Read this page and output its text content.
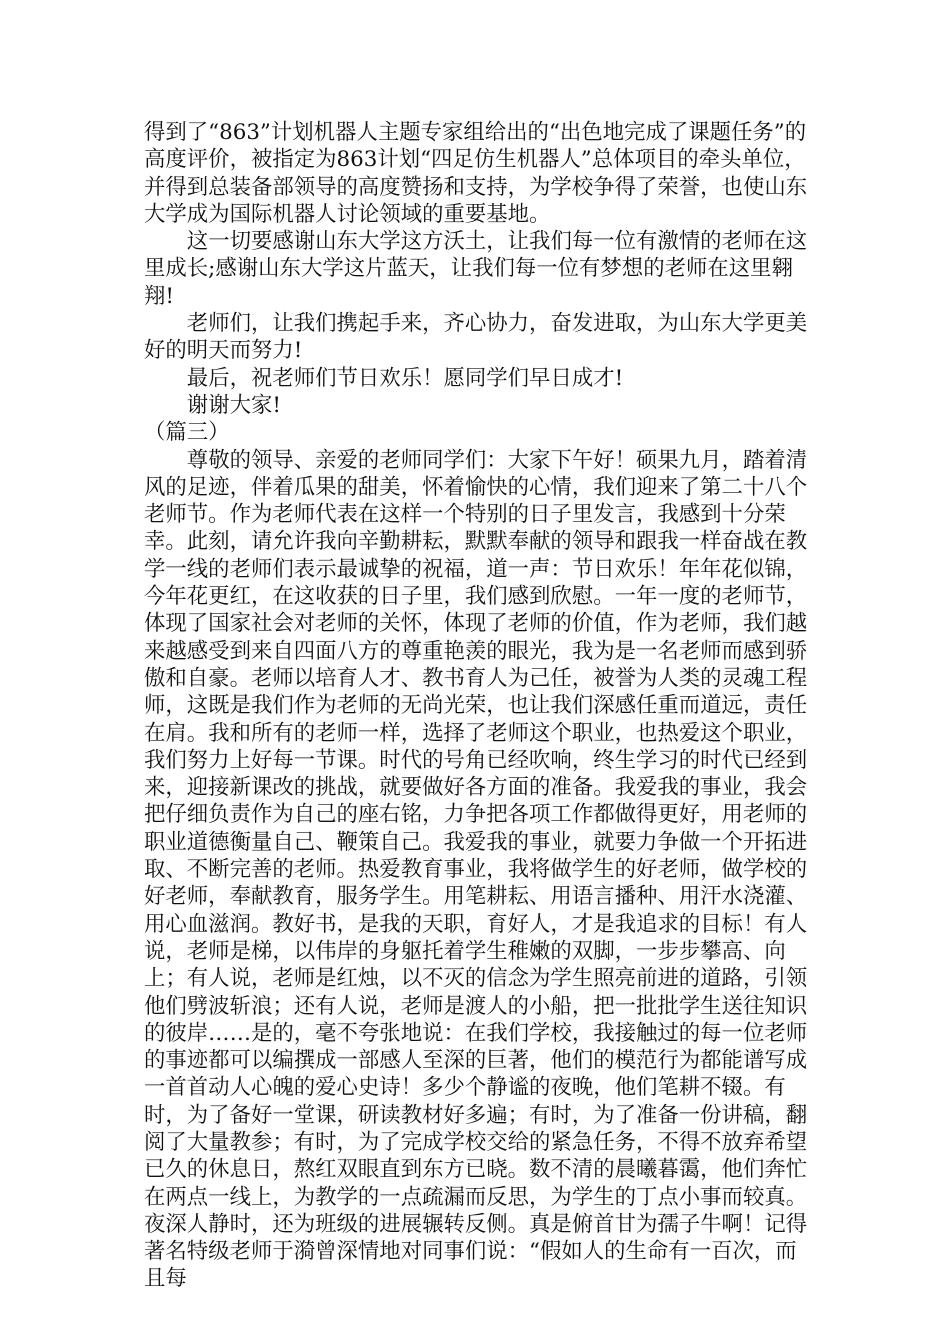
得到了“863”计划机器人主题专家组给出的“出色地完成了课题任务”的高度评价，被指定为863计划“四足仿生机器人”总体项目的牵头单位，并得到总装备部领导的高度赞扬和支持，为学校争得了荣誉，也使山东大学成为国际机器人讨论领域的重要基地。

这一切要感谢山东大学这方沃土，让我们每一位有激情的老师在这里成长;感谢山东大学这片蓝天，让我们每一位有梦想的老师在这里翱翔!

老师们，让我们携起手来，齐心协力，奋发进取，为山东大学更美好的明天而努力!

最后，祝老师们节日欢乐！愿同学们早日成才!

谢谢大家!

（篇三）

尊敬的领导、亲爱的老师同学们：大家下午好！硕果九月，踏着清风的足迹，伴着瓜果的甜美，怀着愉快的心情，我们迎来了第二十八个老师节。作为老师代表在这样一个特别的日子里发言，我感到十分荣幸。此刻，请允许我向辛勤耕耘，默默奉献的领导和跟我一样奋战在教学一线的老师们表示最诚挚的祝福，道一声：节日欢乐！年年花似锦，今年花更红，在这收获的日子里，我们感到欣慰。一年一度的老师节，体现了国家社会对老师的关怀，体现了老师的价值，作为老师，我们越来越感受到来自四面八方的尊重艳羡的眼光，我为是一名老师而感到骄傲和自豪。老师以培育人才、教书育人为己任，被誉为人类的灵魂工程师，这既是我们作为老师的无尚光荣，也让我们深感任重而道远，责任在肩。我和所有的老师一样，选择了老师这个职业，也热爱这个职业，我们努力上好每一节课。时代的号角已经吹响，终生学习的时代已经到来，迎接新课改的挑战，就要做好各方面的准备。我爱我的事业，我会把仔细负责作为自己的座右铭，力争把各项工作都做得更好，用老师的职业道德衡量自己、鞭策自己。我爱我的事业，就要力争做一个开拓进取、不断完善的老师。热爱教育事业，我将做学生的好老师，做学校的好老师，奉献教育，服务学生。用笔耕耘、用语言播种、用汗水浇灌、用心血滋润。教好书，是我的天职，育好人，才是我追求的目标！有人说，老师是梯，以伟岸的身躯托着学生稚嫩的双脚，一步步攀高、向上；有人说，老师是红烛，以不灭的信念为学生照亮前进的道路，引领他们劈波斩浪；还有人说，老师是渡人的小船，把一批批学生送往知识的彼岸……是的，毫不夸张地说：在我们学校，我接触过的每一位老师的事迹都可以编撰成一部感人至深的巨著，他们的模范行为都能谱写成一首首动人心魄的爱心史诗！多少个静谧的夜晚，他们笔耕不辍。有时，为了备好一堂课，研读教材好多遍；有时，为了准备一份讲稿，翻阅了大量教参；有时，为了完成学校交给的紧急任务，不得不放弃希望已久的休息日，熬红双眼直到东方已晓。数不清的晨曦暮霭，他们奔忙在两点一线上，为教学的一点疏漏而反思，为学生的丁点小事而较真。夜深人静时，还为班级的进展辗转反侧。真是俯首甘为孺子牛啊！记得著名特级老师于漪曾深情地对同事们说：“假如人的生命有一百次，而且每
